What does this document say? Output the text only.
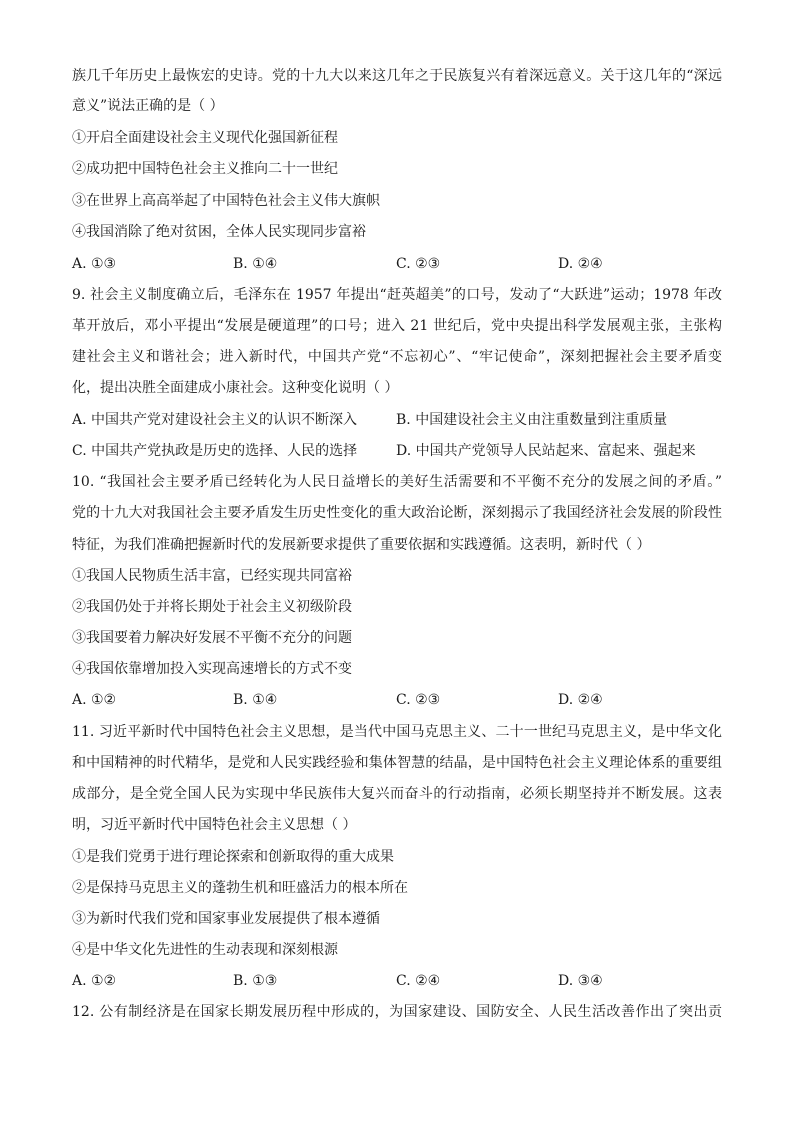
族几千年历史上最恢宏的史诗。党的十九大以来这几年之于民族复兴有着深远意义。关于这几年的“深远
意义”说法正确的是（ ）
①开启全面建设社会主义现代化强国新征程
②成功把中国特色社会主义推向二十一世纪
③在世界上高高举起了中国特色社会主义伟大旗帜
④我国消除了绝对贫困，全体人民实现同步富裕
A. ①③	B. ①④	C. ②③	D. ②④
9. 社会主义制度确立后，毛泽东在 1957 年提出“赶英超美”的口号，发动了“大跃进”运动；1978 年改
革开放后，邓小平提出“发展是硬道理”的口号；进入 21 世纪后，党中央提出科学发展观主张，主张构
建社会主义和谐社会；进入新时代，中国共产党“不忘初心”、“牢记使命”，深刻把握社会主要矛盾变
化，提出决胜全面建成小康社会。这种变化说明（ ）
A. 中国共产党对建设社会主义的认识不断深入	B. 中国建设社会主义由注重数量到注重质量
C. 中国共产党执政是历史的选择、人民的选择	D. 中国共产党领导人民站起来、富起来、强起来
10. “我国社会主要矛盾已经转化为人民日益增长的美好生活需要和不平衡不充分的发展之间的矛盾。”
党的十九大对我国社会主要矛盾发生历史性变化的重大政治论断，深刻揭示了我国经济社会发展的阶段性
特征，为我们准确把握新时代的发展新要求提供了重要依据和实践遵循。这表明，新时代（ ）
①我国人民物质生活丰富，已经实现共同富裕
②我国仍处于并将长期处于社会主义初级阶段
③我国要着力解决好发展不平衡不充分的问题
④我国依靠增加投入实现高速增长的方式不变
A. ①②	B. ①④	C. ②③	D. ②④
11. 习近平新时代中国特色社会主义思想，是当代中国马克思主义、二十一世纪马克思主义，是中华文化
和中国精神的时代精华，是党和人民实践经验和集体智慧的结晶，是中国特色社会主义理论体系的重要组
成部分，是全党全国人民为实现中华民族伟大复兴而奋斗的行动指南，必须长期坚持并不断发展。这表
明，习近平新时代中国特色社会主义思想（ ）
①是我们党勇于进行理论探索和创新取得的重大成果
②是保持马克思主义的蓬勃生机和旺盛活力的根本所在
③为新时代我们党和国家事业发展提供了根本遵循
④是中华文化先进性的生动表现和深刻根源
A. ①②	B. ①③	C. ②④	D. ③④
12. 公有制经济是在国家长期发展历程中形成的，为国家建设、国防安全、人民生活改善作出了突出贡
